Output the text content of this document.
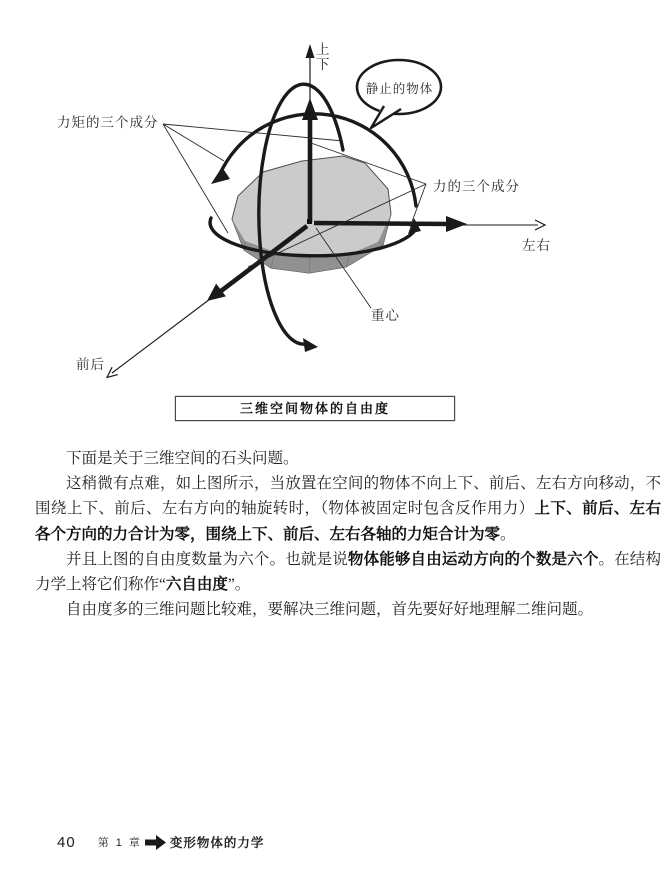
上
下
静止的物体
力矩的三个成分
力的三个成分
左右
前后
重心
三维空间物体的自由度

下面是关于三维空间的石头问题。

这稍微有点难，如上图所示，当放置在空间的物体不向上下、前后、左右方向移动，不围绕上下、前后、左右方向的轴旋转时，（物体被固定时包含反作用力）上下、前后、左右各个方向的力合计为零，围绕上下、前后、左右各轴的力矩合计为零。

并且上图的自由度数量为六个。也就是说物体能够自由运动方向的个数是六个。在结构力学上将它们称作“六自由度”。

自由度多的三维问题比较难，要解决三维问题，首先要好好地理解二维问题。

40 第 1 章 变形物体的力学
